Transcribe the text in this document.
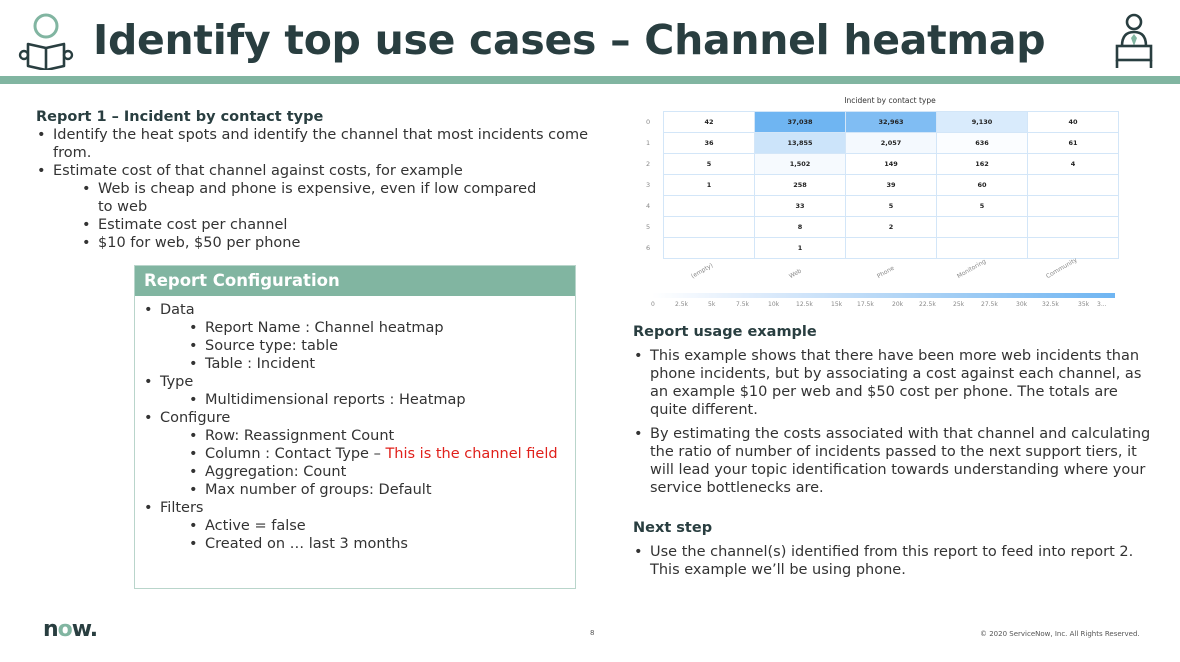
Identify top use cases – Channel heatmap
Report 1 – Incident by contact type
• Identify the heat spots and identify the channel that most incidents come from.
• Estimate cost of that channel against costs, for example
• Web is cheap and phone is expensive, even if low compared to web
• Estimate cost per channel
• $10 for web, $50 per phone
Report Configuration
• Data
• Report Name : Channel heatmap
• Source type: table
• Table : Incident
• Type
• Multidimensional reports : Heatmap
• Configure
• Row: Reassignment Count
• Column : Contact Type – This is the channel field
• Aggregation: Count
• Max number of groups: Default
• Filters
• Active = false
• Created on … last 3 months
Incident by contact type
0
1
2
3
4
5
6
42	37,038	32,963	9,130	40
36	13,855	2,057	636	61
5	1,502	149	162	4
1	258	39	60	
	33	5	5	
	8	2		
	1			
(empty)	Web	Phone	Monitoring	Community
0	2.5k	5k	7.5k	10k	12.5k	15k 17.5k	20k	22.5k	25k	27.5k	30k 32.5k	35k 3...
Report usage example
• This example shows that there have been more web incidents than phone incidents, but by associating a cost against each channel, as an example $10 per web and $50 cost per phone. The totals are quite different.
• By estimating the costs associated with that channel and calculating the ratio of number of incidents passed to the next support tiers, it will lead your topic identification towards understanding where your service bottlenecks are.
Next step
• Use the channel(s) identified from this report to feed into report 2. This example we’ll be using phone.
now.	8	© 2020 ServiceNow, Inc. All Rights Reserved.
